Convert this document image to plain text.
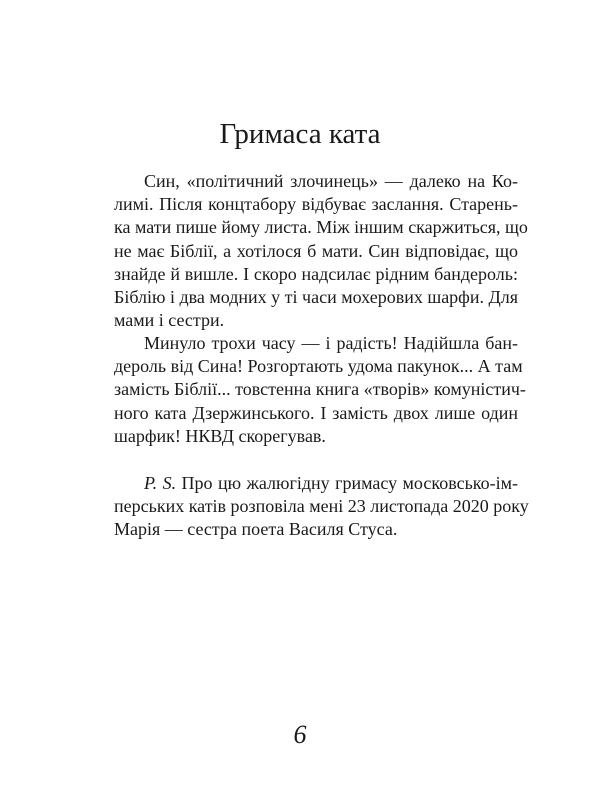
Гримаса ката
Син, «політичний злочинець» — далеко на Ко-
лимі. Після концтабору відбуває заслання. Старень-
ка мати пише йому листа. Між іншим скаржиться, що
не має Біблії, а хотілося б мати. Син відповідає, що
знайде й вишле. І скоро надсилає рідним бандероль:
Біблію і два модних у ті часи мохерових шарфи. Для
мами і сестри.
Минуло трохи часу — і радість! Надійшла бан-
дероль від Сина! Розгортають удома пакунок... А там
замість Біблії... товстенна книга «творів» комуністич-
ного ката Дзержинського. І замість двох лише один
шарфик! НКВД скорегував.
P. S. Про цю жалюгідну гримасу московсько-ім-
перських катів розповіла мені 23 листопада 2020 року
Марія — сестра поета Василя Стуса.
6
